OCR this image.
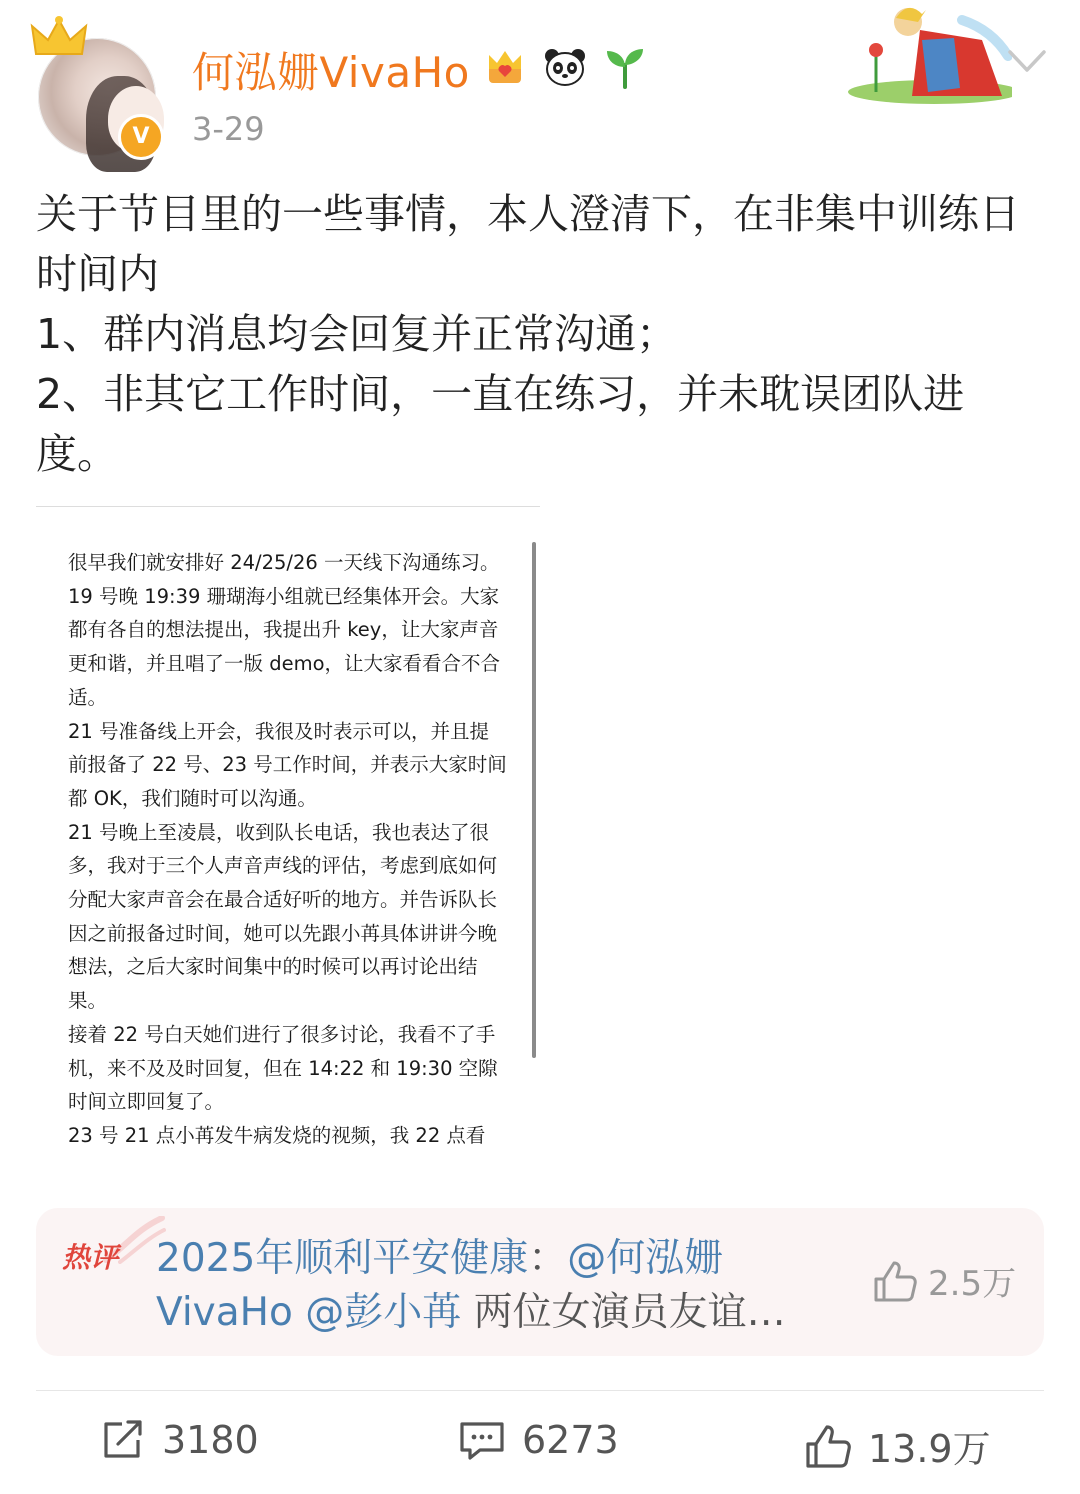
V
何泓姗VivaHo
3-29

关于节目里的一些事情，本人澄清下，在非集中训练日时间内

1、群内消息均会回复并正常沟通；

2、非其它工作时间，一直在练习，并未耽误团队进度。

很早我们就安排好 24/25/26 一天线下沟通练习。

19 号晚 19:39 珊瑚海小组就已经集体开会。大家都有各自的想法提出，我提出升 key，让大家声音更和谐，并且唱了一版 demo，让大家看看合不合适。

21 号准备线上开会，我很及时表示可以，并且提前报备了 22 号、23 号工作时间，并表示大家时间都 OK，我们随时可以沟通。

21 号晚上至凌晨，收到队长电话，我也表达了很多，我对于三个人声音声线的评估，考虑到底如何分配大家声音会在最合适好听的地方。并告诉队长因之前报备过时间，她可以先跟小苒具体讲讲今晚想法，之后大家时间集中的时候可以再讨论出结果。

接着 22 号白天她们进行了很多讨论，我看不了手机，来不及及时回复，但在 14:22 和 19:30 空隙时间立即回复了。

23 号 21 点小苒发牛病发烧的视频，我 22 点看

热评 2025年顺利平安健康：@何泓姗VivaHo @彭小苒 两位女演员友谊…
2.5万
3180	6273	13.9万
